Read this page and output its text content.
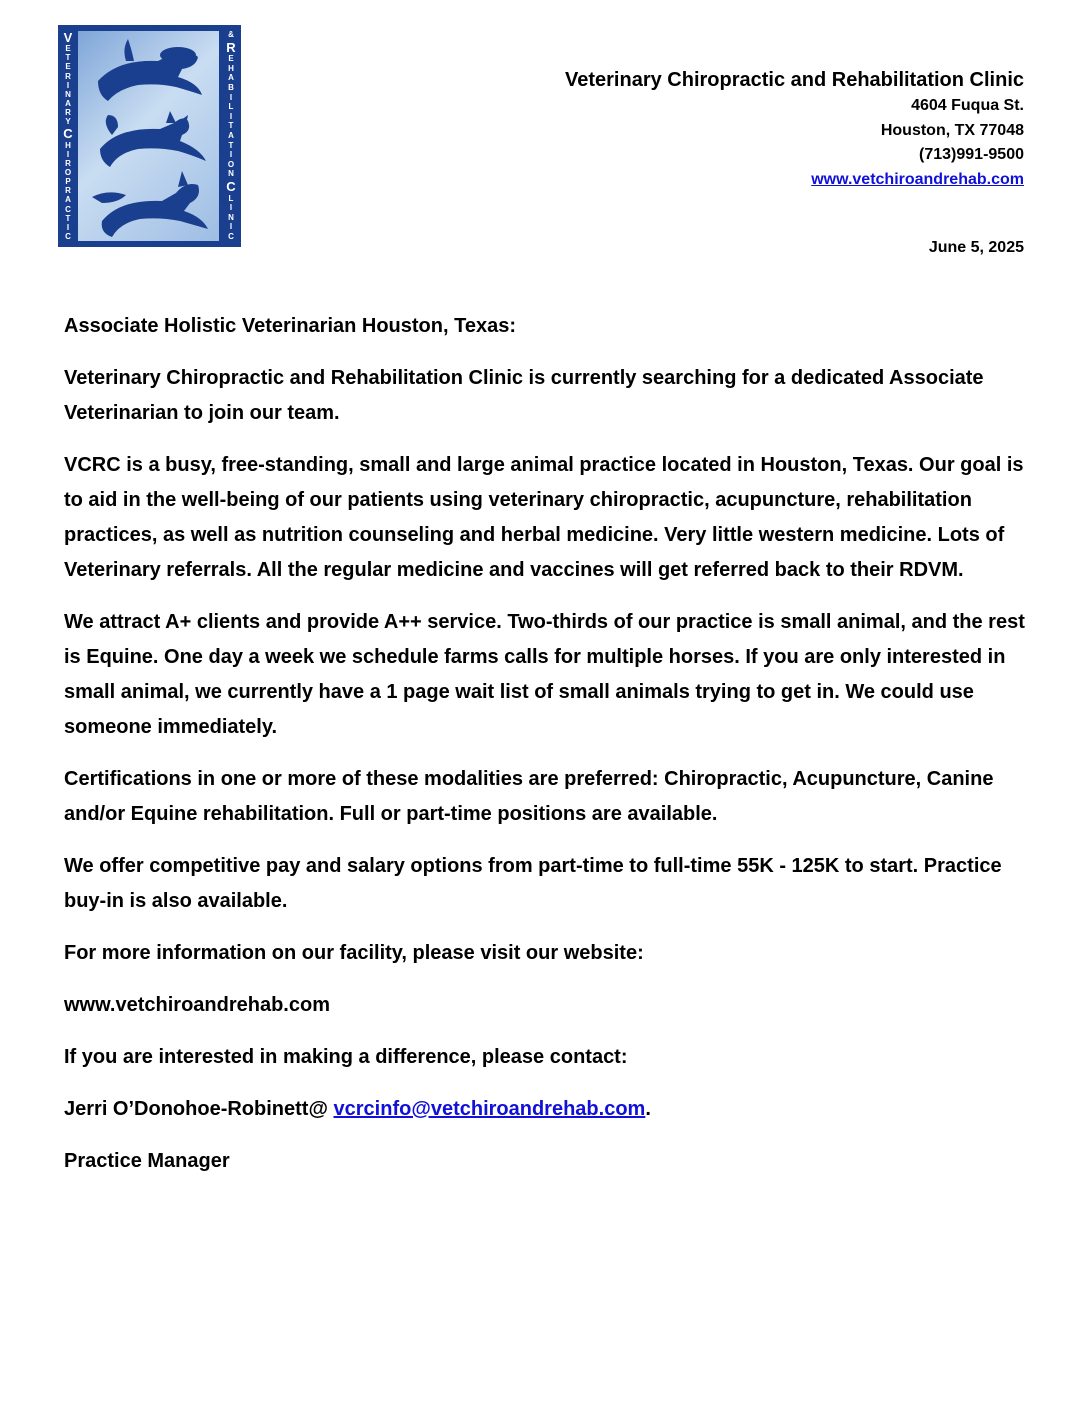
V
E
T
E
R
I
N
A
R
Y
C
H
I
R
O
P
R
A
C
T
I
C
&
R
E
H
A
B
I
L
I
T
A
T
I
O
N
C
L
I
N
I
C
Veterinary Chiropractic and Rehabilitation Clinic
4604 Fuqua St.
Houston, TX 77048
(713)991-9500
www.vetchiroandrehab.com
June 5, 2025

Associate Holistic Veterinarian Houston, Texas:

Veterinary Chiropractic and Rehabilitation Clinic is currently searching for a dedicated Associate Veterinarian to join our team.

VCRC is a busy, free-standing, small and large animal practice located in Houston, Texas. Our goal is to aid in the well-being of our patients using veterinary chiropractic, acupuncture, rehabilitation practices, as well as nutrition counseling and herbal medicine. Very little western medicine. Lots of Veterinary referrals. All the regular medicine and vaccines will get referred back to their RDVM.

We attract A+ clients and provide A++ service. Two-thirds of our practice is small animal, and the rest is Equine. One day a week we schedule farms calls for multiple horses. If you are only interested in small animal, we currently have a 1 page wait list of small animals trying to get in. We could use someone immediately.

Certifications in one or more of these modalities are preferred: Chiropractic, Acupuncture, Canine and/or Equine rehabilitation. Full or part-time positions are available.

We offer competitive pay and salary options from part-time to full-time 55K - 125K to start. Practice buy-in is also available.

For more information on our facility, please visit our website:

www.vetchiroandrehab.com

If you are interested in making a difference, please contact:

Jerri O’Donohoe-Robinett@ vcrcinfo@vetchiroandrehab.com.

Practice Manager
